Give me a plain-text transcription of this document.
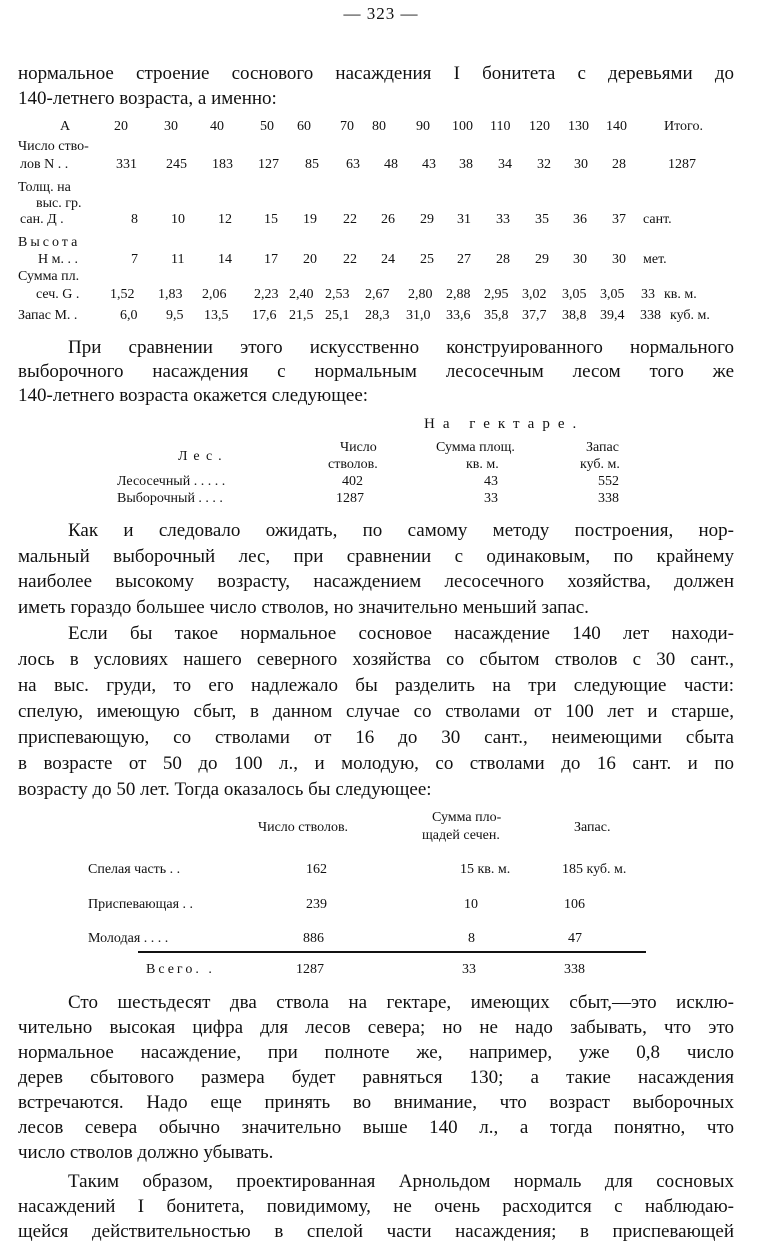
— 323 —
нормальное строение соснового насаждения I бонитета с деревьями до
140-летнего возраста, а именно:
A	20	30 40	50 60 70 80 90 100 110 120 130 140	Итого.
Число ство-
лов N . .	331 245 183 127 85 63 48 43 38 34 32 30 28	1287
Толщ. на
выс. гр.
сан. Д .	8 10 12 15 19 22 26 29 31 33 35 36 37 сант.
Высота
H м. . .	7 11 14 17 20 22 24 25 27 28 29 30 30 мет.
Сумма пл.
сеч. G . 1,52 1,83 2,06 2,23 2,40 2,53 2,67 2,80 2,88 2,95 3,02 3,05 3,05 33 кв. м.
Запас M. .	6,0 9,5 13,5 17,6 21,5 25,1 28,3 31,0 33,6 35,8 37,7 38,8 39,4 338 куб. м.
При сравнении этого искусственно конструированного нормального
выборочного насаждения с нормальным лесосечным лесом того же
140-летнего возраста окажется следующее:
На гектаре.
Лес.
Число
стволов.
Сумма площ.
кв. м.
Запас
куб. м.
Лесосечный . . . . .	402	43	552
Выборочный . . . .	1287	33	338
Как и следовало ожидать, по самому методу построения, нор-
мальный выборочный лес, при сравнении с одинаковым, по крайнему
наиболее высокому возрасту, насаждением лесосечного хозяйства, должен
иметь гораздо большее число стволов, но значительно меньший запас.
Если бы такое нормальное сосновое насаждение 140 лет находи-
лось в условиях нашего северного хозяйства со сбытом стволов с 30 сант.,
на выс. груди, то его надлежало бы разделить на три следующие части:
спелую, имеющую сбыт, в данном случае со стволами от 100 лет и старше,
приспевающую, со стволами от 16 до 30 сант., неимеющими сбыта
в возрасте от 50 до 100 л., и молодую, со стволами до 16 сант. и по
возрасту до 50 лет. Тогда оказалось бы следующее:
Число стволов.
Сумма пло-
щадей сечен.
Запас.
Спелая часть . .	162	15 кв. м.	185 куб. м.
Приспевающая . .	239	10	106
Молодая . . . .	886	8	47
Всего. .	1287	33	338
Сто шестьдесят два ствола на гектаре, имеющих сбыт,—это исклю-
чительно высокая цифра для лесов севера; но не надо забывать, что это
нормальное насаждение, при полноте же, например, уже 0,8 число
дерев сбытового размера будет равняться 130; а такие насаждения
встречаются. Надо еще принять во внимание, что возраст выборочных
лесов севера обычно значительно выше 140 л., а тогда понятно, что
число стволов должно убывать.
Таким образом, проектированная Арнольдом нормаль для сосновых
насаждений I бонитета, повидимому, не очень расходится с наблюдаю-
щейся действительностью в спелой части насаждения; в приспевающей
